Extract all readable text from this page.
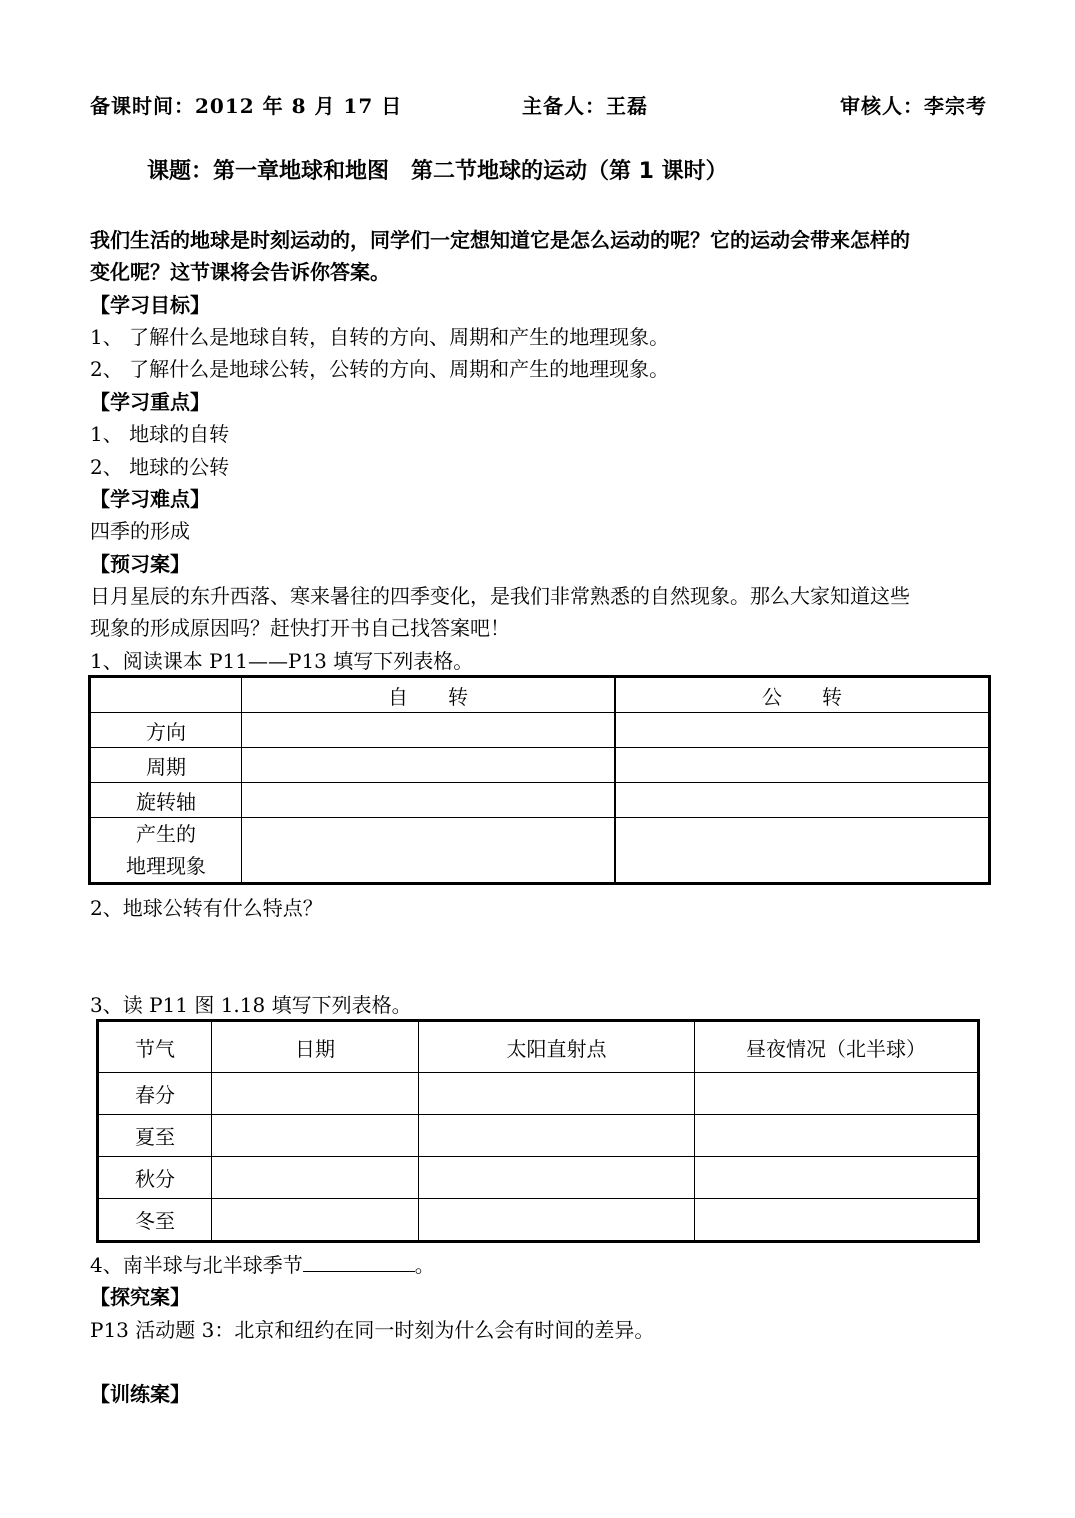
备课时间：2012 年 8 月 17 日	主备人：王磊	审核人：李宗考
课题：第一章地球和地图　第二节地球的运动（第 1 课时）
我们生活的地球是时刻运动的，同学们一定想知道它是怎么运动的呢？它的运动会带来怎样的
变化呢？这节课将会告诉你答案。
【学习目标】
1、 了解什么是地球自转，自转的方向、周期和产生的地理现象。
2、 了解什么是地球公转，公转的方向、周期和产生的地理现象。
【学习重点】
1、 地球的自转
2、 地球的公转
【学习难点】
四季的形成
【预习案】
日月星辰的东升西落、寒来暑往的四季变化，是我们非常熟悉的自然现象。那么大家知道这些
现象的形成原因吗？赶快打开书自己找答案吧！
1、阅读课本 P11——P13 填写下列表格。
	自　　转	公　　转
方向		
周期		
旋转轴		

产生的
地理现象		

2、地球公转有什么特点？
3、读 P11 图 1.18 填写下列表格。
节气	日期	太阳直射点	昼夜情况（北半球）
春分			
夏至			
秋分			
冬至			
4、南半球与北半球季节	。
【探究案】
P13 活动题 3：北京和纽约在同一时刻为什么会有时间的差异。
【训练案】
